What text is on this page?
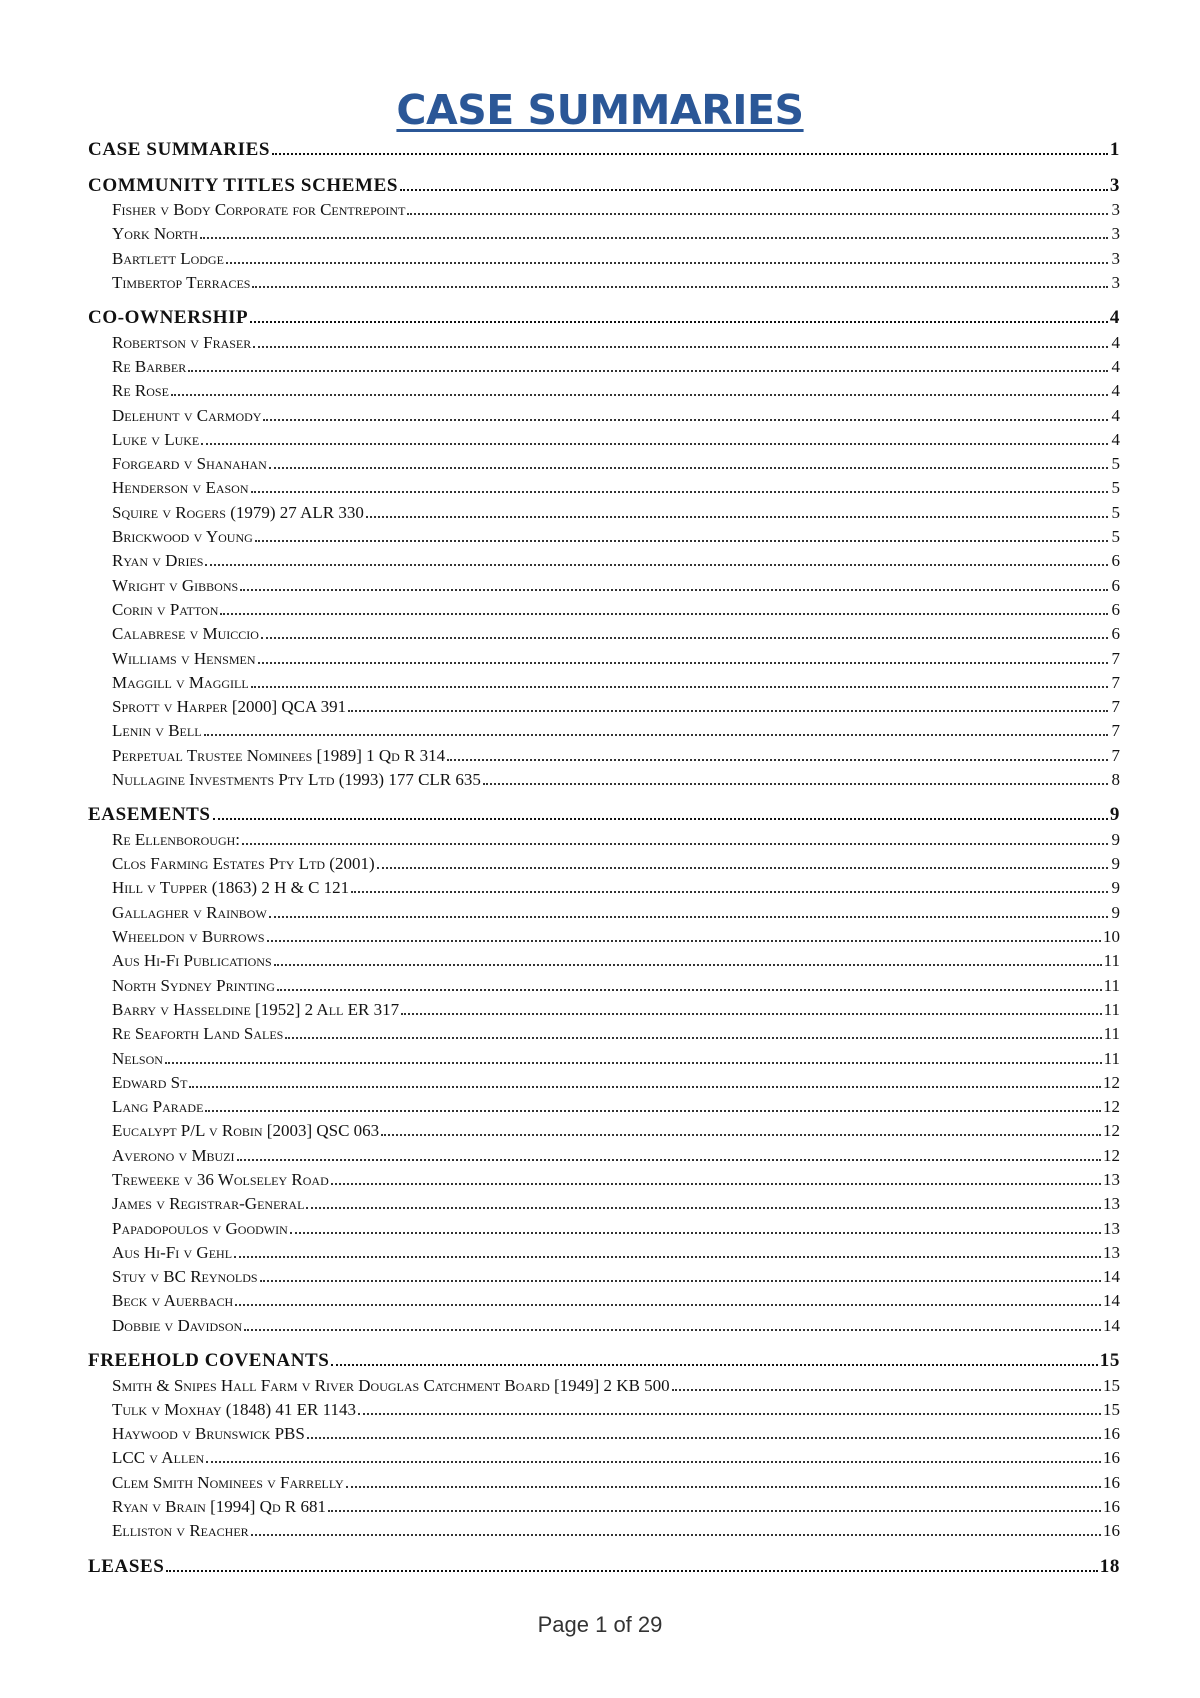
CASE SUMMARIES
CASE SUMMARIES	1
COMMUNITY TITLES SCHEMES	3
Fisher v Body Corporate for Centrepoint	3
York North	3
Bartlett Lodge	3
Timbertop Terraces	3
CO-OWNERSHIP	4
Robertson v Fraser	4
Re Barber	4
Re Rose	4
Delehunt v Carmody	4
Luke v Luke	4
Forgeard v Shanahan	5
Henderson v Eason	5
Squire v Rogers (1979) 27 ALR 330	5
Brickwood v Young	5
Ryan v Dries	6
Wright v Gibbons	6
Corin v Patton	6
Calabrese v Muiccio	6
Williams v Hensmen	7
Maggill v Maggill	7
Sprott v Harper [2000] QCA 391	7
Lenin v Bell	7
Perpetual Trustee Nominees [1989] 1 Qd R 314	7
Nullagine Investments Pty Ltd (1993) 177 CLR 635	8
EASEMENTS	9
Re Ellenborough:	9
Clos Farming Estates Pty Ltd (2001)	9
Hill v Tupper (1863) 2 H & C 121	9
Gallagher v Rainbow	9
Wheeldon v Burrows	10
Aus Hi-Fi Publications	11
North Sydney Printing	11
Barry v Hasseldine [1952] 2 All ER 317	11
Re Seaforth Land Sales	11
Nelson	11
Edward St	12
Lang Parade	12
Eucalypt P/L v Robin [2003] QSC 063	12
Averono v Mbuzi	12
Treweeke v 36 Wolseley Road	13
James v Registrar-General	13
Papadopoulos v Goodwin	13
Aus Hi-Fi v Gehl	13
Stuy v BC Reynolds	14
Beck v Auerbach	14
Dobbie v Davidson	14
FREEHOLD COVENANTS	15
Smith & Snipes Hall Farm v River Douglas Catchment Board [1949] 2 KB 500	15
Tulk v Moxhay (1848) 41 ER 1143	15
Haywood v Brunswick PBS	16
LCC v Allen	16
Clem Smith Nominees v Farrelly	16
Ryan v Brain [1994] Qd R 681	16
Elliston v Reacher	16
LEASES	18
Page 1 of 29
